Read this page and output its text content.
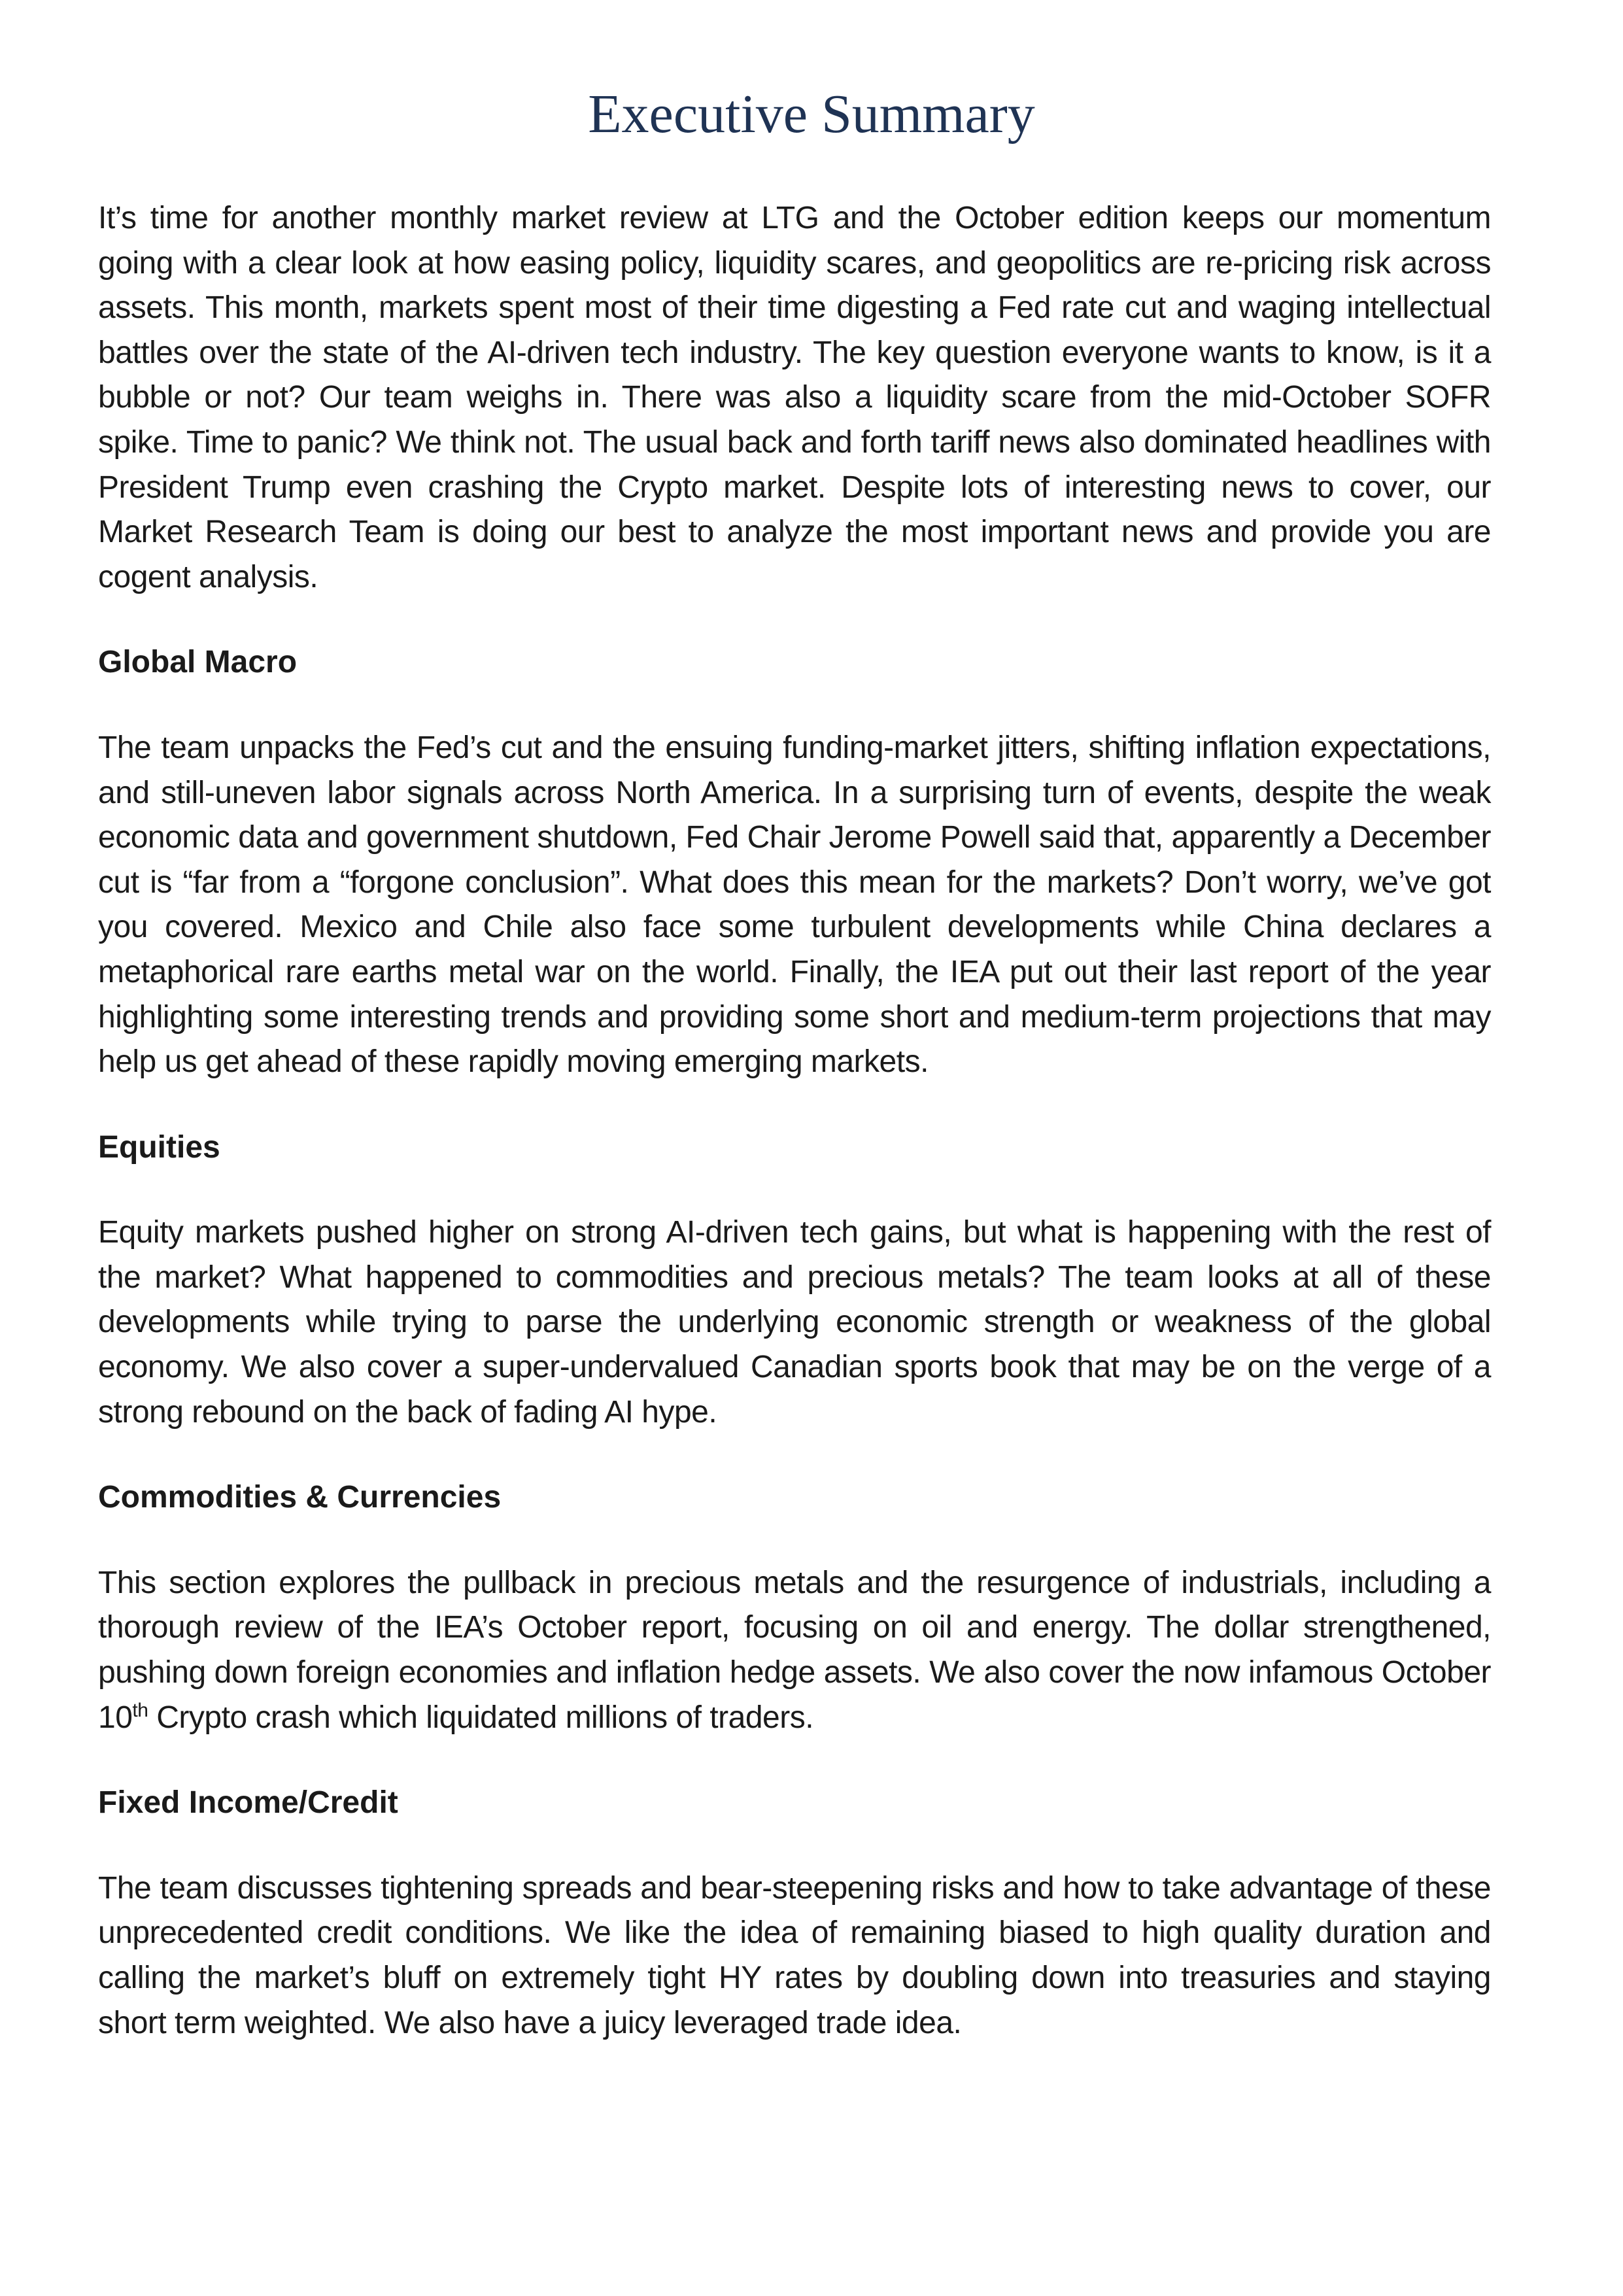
Executive Summary

It’s time for another monthly market review at LTG and the October edition keeps our momentum going with a clear look at how easing policy, liquidity scares, and geopolitics are re-pricing risk across assets. This month, markets spent most of their time digesting a Fed rate cut and waging intellectual battles over the state of the AI-driven tech industry. The key question everyone wants to know, is it a bubble or not? Our team weighs in. There was also a liquidity scare from the mid-October SOFR spike. Time to panic? We think not. The usual back and forth tariff news also dominated headlines with President Trump even crashing the Crypto market. Despite lots of interesting news to cover, our Market Research Team is doing our best to analyze the most important news and provide you are cogent analysis.

Global Macro

The team unpacks the Fed’s cut and the ensuing funding-market jitters, shifting inflation expectations, and still-uneven labor signals across North America. In a surprising turn of events, despite the weak economic data and government shutdown, Fed Chair Jerome Powell said that, apparently a December cut is “far from a “forgone conclusion”. What does this mean for the markets? Don’t worry, we’ve got you covered. Mexico and Chile also face some turbulent developments while China declares a metaphorical rare earths metal war on the world. Finally, the IEA put out their last report of the year highlighting some interesting trends and providing some short and medium-term projections that may help us get ahead of these rapidly moving emerging markets.

Equities

Equity markets pushed higher on strong AI-driven tech gains, but what is happening with the rest of the market? What happened to commodities and precious metals? The team looks at all of these developments while trying to parse the underlying economic strength or weakness of the global economy. We also cover a super-undervalued Canadian sports book that may be on the verge of a strong rebound on the back of fading AI hype.

Commodities & Currencies

This section explores the pullback in precious metals and the resurgence of industrials, including a thorough review of the IEA’s October report, focusing on oil and energy. The dollar strengthened, pushing down foreign economies and inflation hedge assets. We also cover the now infamous October 10th Crypto crash which liquidated millions of traders.

Fixed Income/Credit

The team discusses tightening spreads and bear-steepening risks and how to take advantage of these unprecedented credit conditions. We like the idea of remaining biased to high quality duration and calling the market’s bluff on extremely tight HY rates by doubling down into treasuries and staying short term weighted. We also have a juicy leveraged trade idea.
